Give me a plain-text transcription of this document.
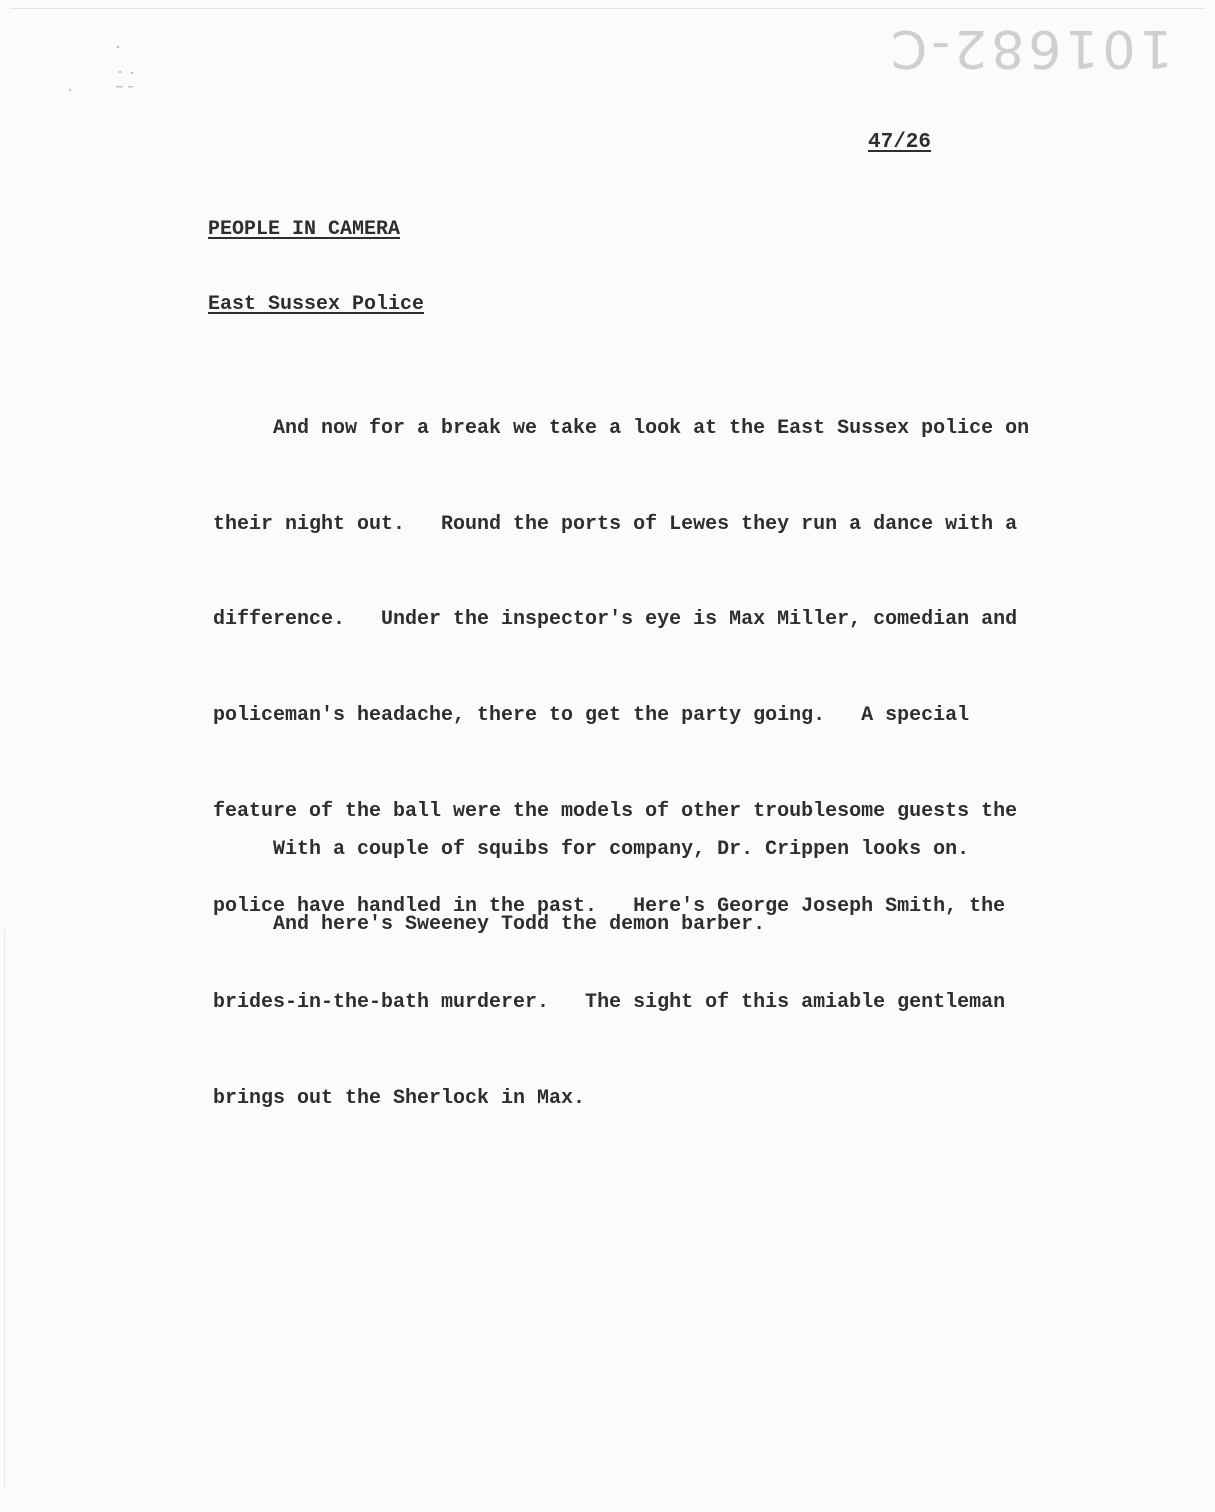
101682-C
47/26
PEOPLE IN CAMERA
East Sussex Police

And now for a break we take a look at the East Sussex police on

their night out.   Round the ports of Lewes they run a dance with a

difference.   Under the inspector's eye is Max Miller, comedian and

policeman's headache, there to get the party going.   A special

feature of the ball were the models of other troublesome guests the

police have handled in the past.   Here's George Joseph Smith, the

brides-in-the-bath murderer.   The sight of this amiable gentleman

brings out the Sherlock in Max.

With a couple of squibs for company, Dr. Crippen looks on.

And here's Sweeney Todd the demon barber.
